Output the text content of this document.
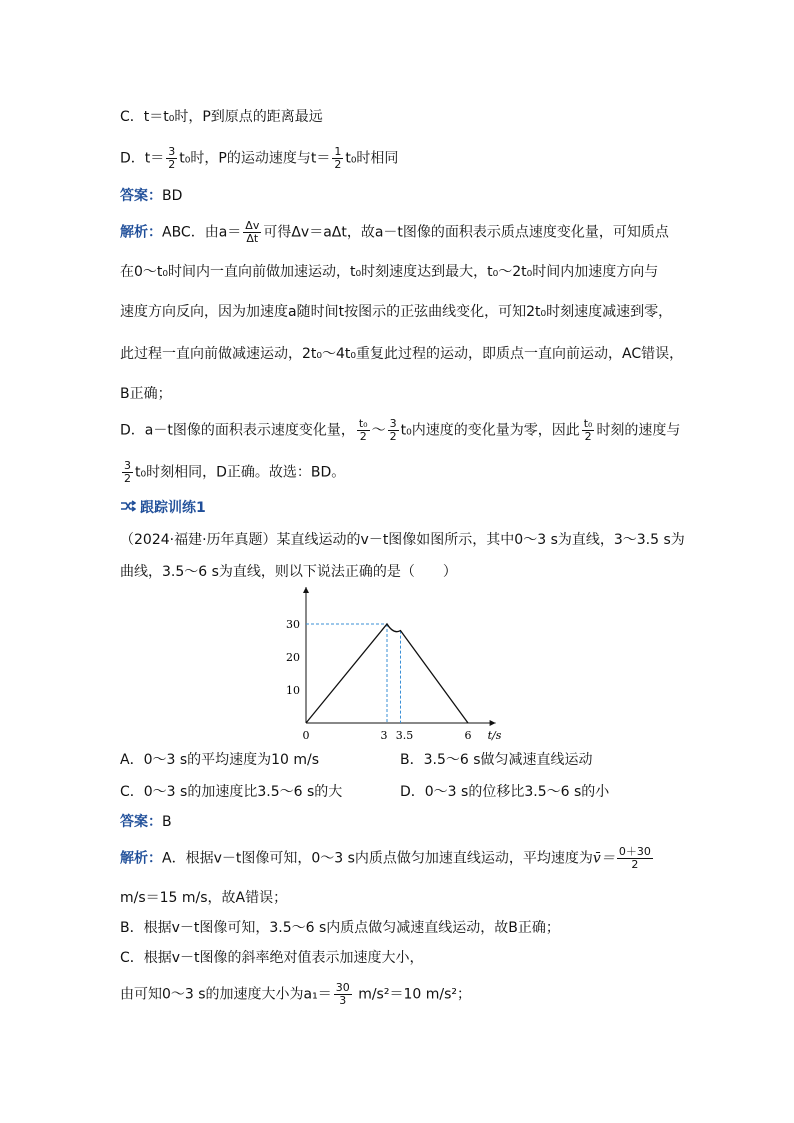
C．t＝t₀时，P到原点的距离最远
D．$t= \frac{3}{2} t_0$时，P的运动速度与$t= \frac{1}{2} t_0$时相同
答案：BD
解析：ABC．由$a= \frac{\Delta v}{\Delta t}$ 可得Δv＝aΔt，故a－t图像的面积表示质点速度变化量，可知质点
在0～t₀时间内一直向前做加速运动，t₀时刻速度达到最大，t₀～2t₀时间内加速度方向与
速度方向反向，因为加速度a随时间t按图示的正弦曲线变化，可知2t₀时刻速度减速到零，
此过程一直向前做减速运动，2t₀～4t₀重复此过程的运动，即质点一直向前运动，AC错误，
B正确；
D．a－t图像的面积表示速度变化量， $\frac{\text{t₀}}{2}$ ～ $\frac{3}{2} t_0$内速度的变化量为零，因此 $\frac{\text{t₀}}{2}$ 时刻的速度与
$\frac{3}{2} t_0$时刻相同，D正确。故选：BD。
跟踪训练1
（2024·福建·历年真题）某直线运动的v－t图像如图所示，其中0～3 s为直线，3～3.5 s为
曲线，3.5～6 s为直线，则以下说法正确的是（　　）
t/s
10
20
30
0	3 3.5	6
A．0～3 s的平均速度为10 m/s	B．3.5～6 s做匀减速直线运动
C．0～3 s的加速度比3.5～6 s的大	D．0～3 s的位移比3.5～6 s的小
答案：B
解析：A．根据v－t图像可知，0～3 s内质点做匀加速直线运动，平均速度为v̄＝ $\frac{0+30}{2}$
m/s＝15 m/s，故A错误；
B．根据v－t图像可知，3.5～6 s内质点做匀减速直线运动，故B正确；
C．根据v－t图像的斜率绝对值表示加速度大小，
由可知0～3 s的加速度大小为$a_1= \frac{30}{3} m/s^2=10$ m/s²；
